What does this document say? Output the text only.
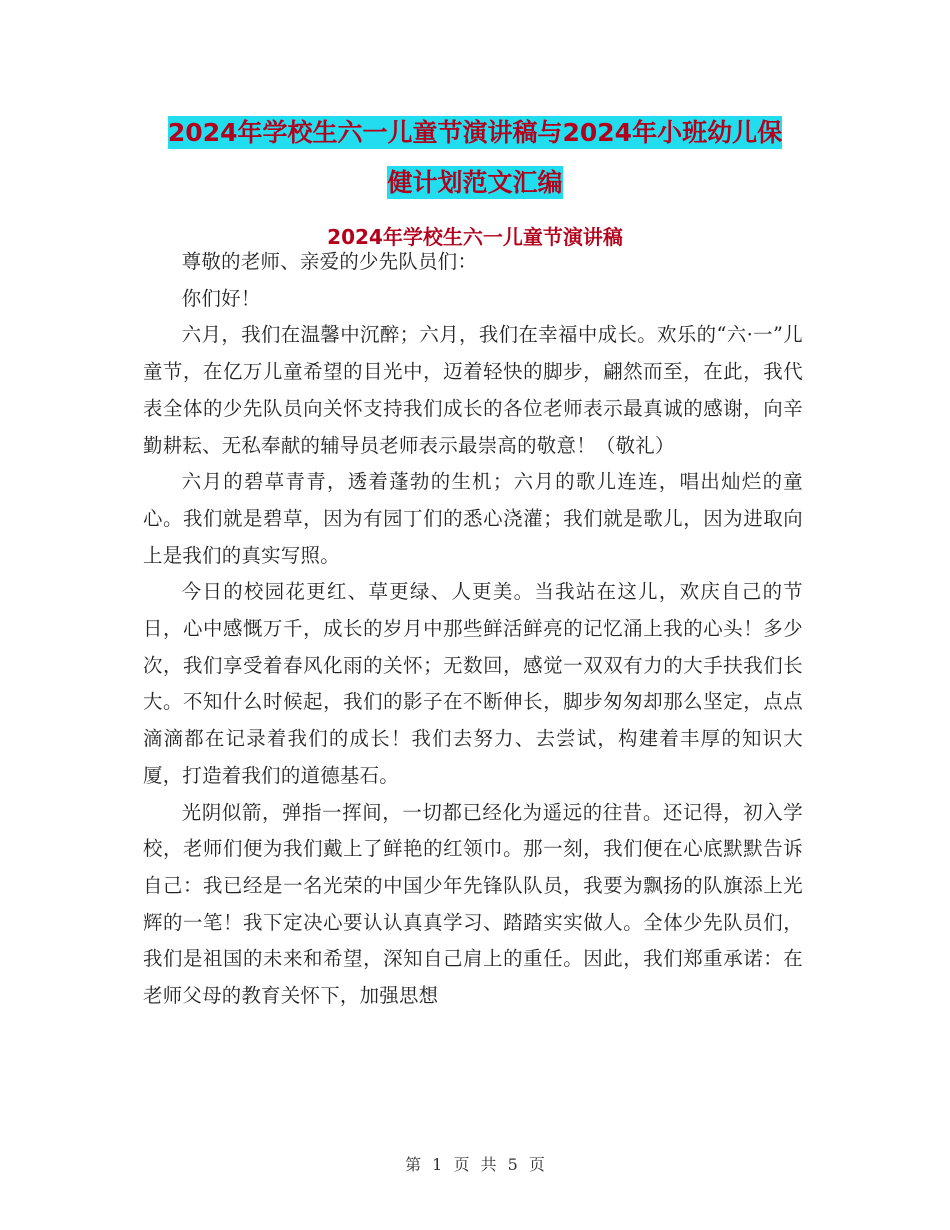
2024年学校生六一儿童节演讲稿与2024年小班幼儿保
健计划范文汇编
2024年学校生六一儿童节演讲稿

尊敬的老师、亲爱的少先队员们：

你们好！

六月，我们在温馨中沉醉；六月，我们在幸福中成长。欢乐的“六·一”儿童节，在亿万儿童希望的目光中，迈着轻快的脚步，翩然而至，在此，我代表全体的少先队员向关怀支持我们成长的各位老师表示最真诚的感谢，向辛勤耕耘、无私奉献的辅导员老师表示最崇高的敬意！（敬礼）

六月的碧草青青，透着蓬勃的生机；六月的歌儿连连，唱出灿烂的童心。我们就是碧草，因为有园丁们的悉心浇灌；我们就是歌儿，因为进取向上是我们的真实写照。

今日的校园花更红、草更绿、人更美。当我站在这儿，欢庆自己的节日，心中感慨万千，成长的岁月中那些鲜活鲜亮的记忆涌上我的心头！多少次，我们享受着春风化雨的关怀；无数回，感觉一双双有力的大手扶我们长大。不知什么时候起，我们的影子在不断伸长，脚步匆匆却那么坚定，点点滴滴都在记录着我们的成长！我们去努力、去尝试，构建着丰厚的知识大厦，打造着我们的道德基石。

光阴似箭，弹指一挥间，一切都已经化为遥远的往昔。还记得，初入学校，老师们便为我们戴上了鲜艳的红领巾。那一刻，我们便在心底默默告诉自己：我已经是一名光荣的中国少年先锋队队员，我要为飘扬的队旗添上光辉的一笔！我下定决心要认认真真学习、踏踏实实做人。全体少先队员们，我们是祖国的未来和希望，深知自己肩上的重任。因此，我们郑重承诺：在老师父母的教育关怀下，加强思想

第 1 页 共 5 页
